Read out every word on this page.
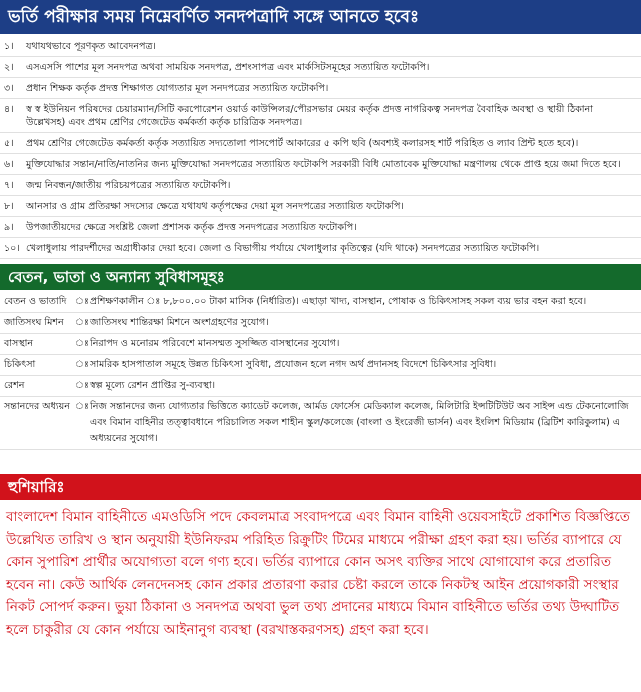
ভর্তি পরীক্ষার সময় নিম্নেবর্ণিত সনদপত্রাদি সঙ্গে আনতে হবেঃ
১।	যথাযথভাবে পূরণকৃত আবেদনপত্র।
২।	এসএসসি পাশের মূল সনদপত্র অথবা সাময়িক সনদপত্র, প্রশংসাপত্র এবং মার্কসিটসমূহের সত্যায়িত ফটোকপি।
৩।	প্রধান শিক্ষক কর্তৃক প্রদত্ত শিক্ষাগত যোগ্যতার মূল সনদপত্রের সত্যায়িত ফটোকপি।
৪।	স্ব স্ব ইউনিয়ন পরিষদের চেয়ারম্যান/সিটি করপোরেশন ওয়ার্ড কাউন্সিলর/পৌরসভার মেয়র কর্তৃক প্রদত্ত নাগরিকত্ব সনদপত্র বৈবাহিক অবস্থা ও স্থায়ী ঠিকানা উল্লেখসহ) এবং প্রথম শ্রেণির গেজেটেড কর্মকর্তা কর্তৃক চারিত্রিক সনদপত্র।
৫।	প্রথম শ্রেণির গেজেটেড কর্মকর্তা কর্তৃক সত্যায়িত সদ্যতোলা পাসপোর্ট আকারের ৫ কপি ছবি (অবশ্যই কলারসহ শার্ট পরিহিত ও ল্যাব প্রিন্ট হতে হবে)।
৬।	মুক্তিযোদ্ধার সন্তান/নাতি/নাতনির জন্য মুক্তিযোদ্ধা সনদপত্রের সত্যায়িত ফটোকপি সরকারী বিধি মোতাবেক মুক্তিযোদ্ধা মন্ত্রণালয় থেকে প্রাপ্ত হয়ে জমা দিতে হবে।
৭।	জন্ম নিবন্ধন/জাতীয় পরিচয়পত্রের সত্যায়িত ফটোকপি।
৮।	আনসার ও গ্রাম প্রতিরক্ষা সদস্যের ক্ষেত্রে যথাযথ কর্তৃপক্ষের দেয়া মূল সনদপত্রের সত্যায়িত ফটোকপি।
৯।	উপজাতীয়দের ক্ষেত্রে সংশ্লিষ্ট জেলা প্রশাসক কর্তৃক প্রদত্ত সনদপত্রের সত্যায়িত ফটোকপি।
১০। খেলাধুলায় পারদর্শীদের অগ্রাধীকার দেয়া হবে। জেলা ও বিভাগীয় পর্যায়ে খেলাধুলার কৃতিত্বের (যদি থাকে) সনদপত্রের সত্যায়িত ফটোকপি।
বেতন, ভাতা ও অন্যান্য সুবিধাসমূহঃ
বেতন ও ভাতাদি ঃ প্রশিক্ষণকালীন ঃ ৮,৮০০.০০ টাকা মাসিক (নির্ধারিত)। এছাড়া খাদ্য, বাসস্থান, পোষাক ও চিকিৎসাসহ সকল ব্যয় ভার বহন করা হবে।
জাতিসংঘ মিশন	ঃ জাতিসংঘ শান্তিরক্ষা মিশনে অংশগ্রহণের সুযোগ।
বাসস্থান	ঃ নিরাপদ ও মনোরম পরিবেশে মানসম্মত সুসজ্জিত বাসস্থানের সুযোগ।
চিকিৎসা	ঃ সামরিক হাসপাতাল সমূহে উন্নত চিকিৎসা সুবিধা, প্রযোজন হলে নগদ অর্থ প্রদানসহ বিদেশে চিকিৎসার সুবিধা।
রেশন	ঃ স্বল্প মূল্যে রেশন প্রাপ্তির সু-ব্যবস্থা।
সন্তানদের অধ্যয়ন ঃ নিজ সন্তানদের জন্য যোগ্যতার ভিত্তিতে ক্যাডেট কলেজ, আর্মড ফোর্সেস মেডিক্যাল কলেজ, মিলিটারি ইন্সটিটিউট অব সাইন্স এন্ড টেকনোলোজি এবং বিমান বাহিনীর তত্ত্বাবধানে পরিচালিত সকল শাহীন স্কুল/কলেজে (বাংলা ও ইংরেজী ভার্সন) এবং ইংলিশ মিডিয়াম (ব্রিটিশ কারিকুলাম) এ অধ্যয়নের সুযোগ।
হুশিয়ারিঃ
বাংলাদেশ বিমান বাহিনীতে এমওডিসি পদে কেবলমাত্র সংবাদপত্রে এবং বিমান বাহিনী ওয়েবসাইটে প্রকাশিত বিজ্ঞপ্তিতে উল্লেখিত তারিখ ও স্থান অনুযায়ী ইউনিফরম পরিহিত রিক্রুটিং টিমের মাধ্যমে পরীক্ষা গ্রহণ করা হয়। ভর্তির ব্যাপারে যে কোন সুপারিশ প্রার্থীর অযোগ্যতা বলে গণ্য হবে। ভর্তির ব্যাপারে কোন অসৎ ব্যক্তির সাথে যোগাযোগ করে প্রতারিত হবেন না। কেউ আর্থিক লেনদেনসহ কোন প্রকার প্রতারণা করার চেষ্টা করলে তাকে নিকটস্থ আইন প্রয়োগকারী সংস্থার নিকট সোপর্দ করুন। ভুয়া ঠিকানা ও সনদপত্র অথবা ভুল তথ্য প্রদানের মাধ্যমে বিমান বাহিনীতে ভর্তির তথ্য উদ্ঘাটিত হলে চাকুরীর যে কোন পর্যায়ে আইনানুগ ব্যবস্থা (বরখাস্তকরণসহ) গ্রহণ করা হবে।
